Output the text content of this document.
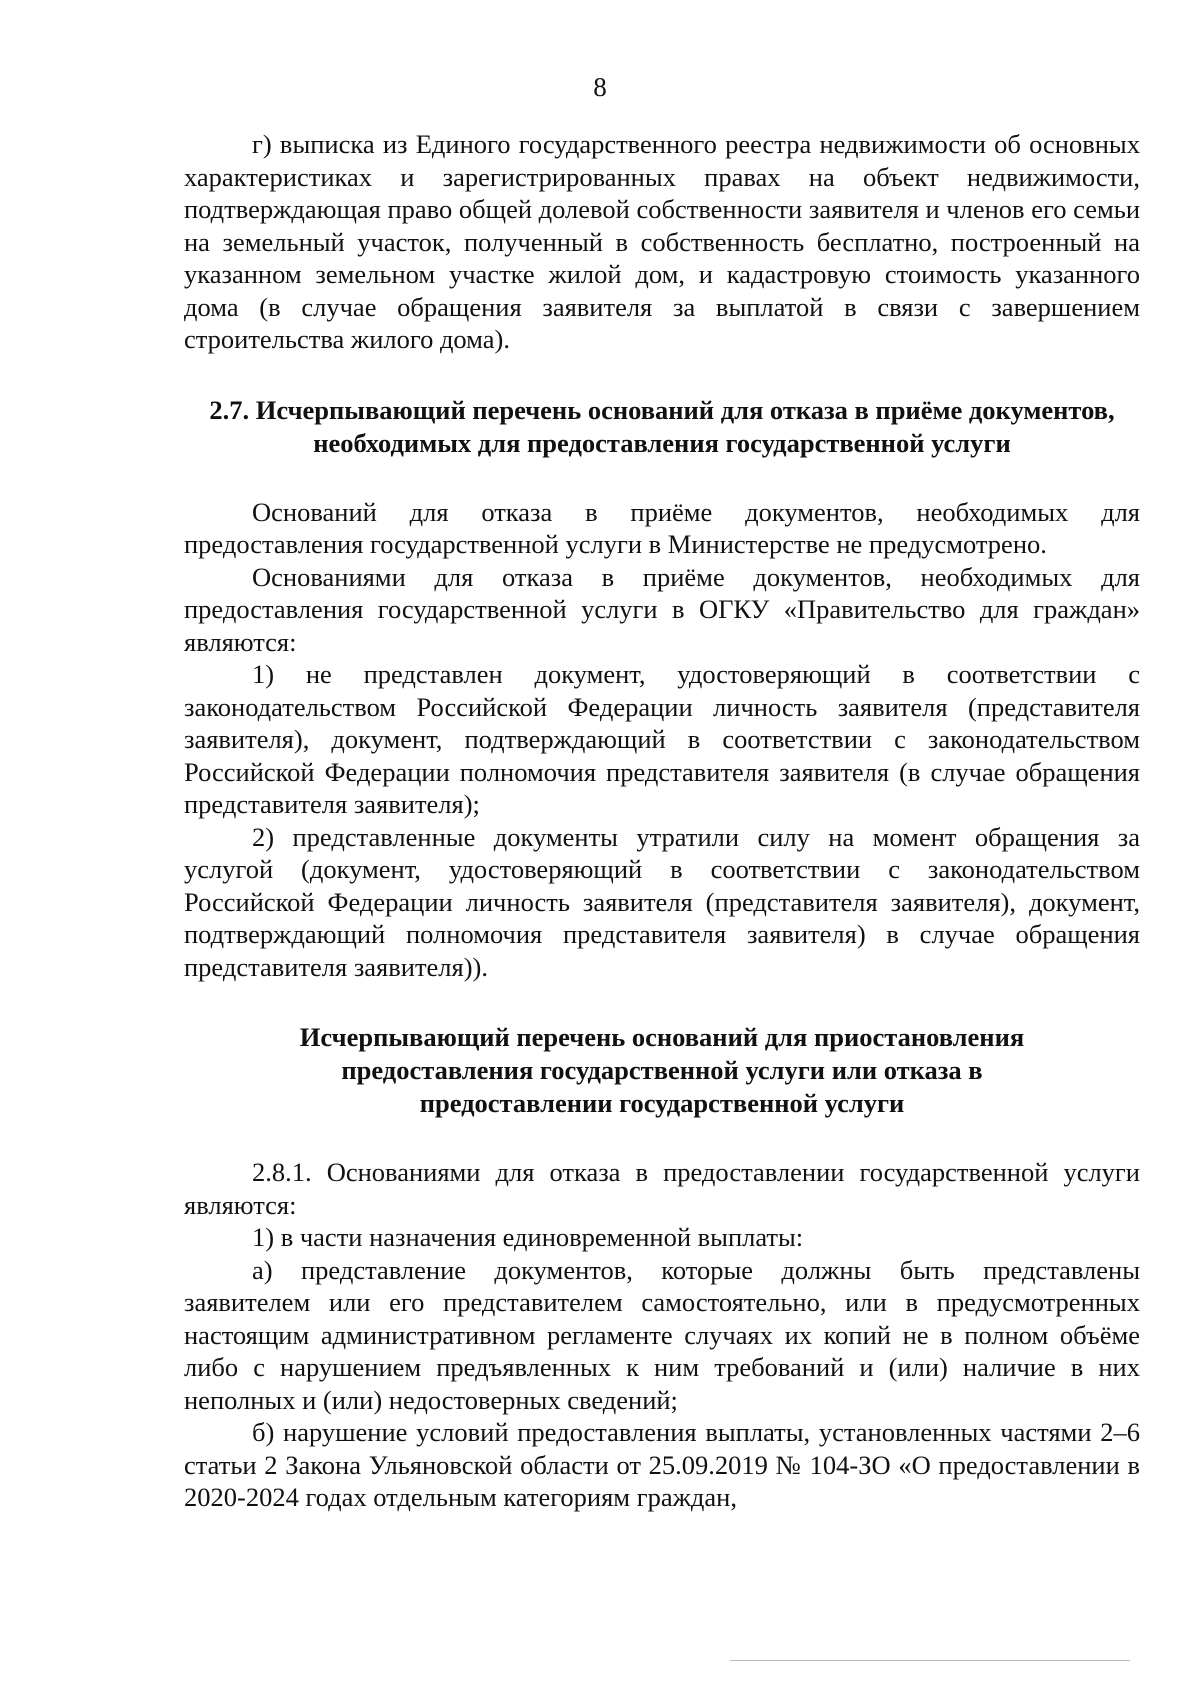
8

г) выписка из Единого государственного реестра недвижимости об основных характеристиках и зарегистрированных правах на объект недвижимости, подтверждающая право общей долевой собственности заявителя и членов его семьи на земельный участок, полученный в собственность бесплатно, построенный на указанном земельном участке жилой дом, и кадастровую стоимость указанного дома (в случае обращения заявителя за выплатой в связи с завершением строительства жилого дома).

2.7. Исчерпывающий перечень оснований для отказа в приёме документов,
необходимых для предоставления государственной услуги

Оснований для отказа в приёме документов, необходимых для предоставления государственной услуги в Министерстве не предусмотрено.

Основаниями для отказа в приёме документов, необходимых для предоставления государственной услуги в ОГКУ «Правительство для граждан» являются:

1) не представлен документ, удостоверяющий в соответствии с законодательством Российской Федерации личность заявителя (представителя заявителя), документ, подтверждающий в соответствии с законодательством Российской Федерации полномочия представителя заявителя (в случае обращения представителя заявителя);

2) представленные документы утратили силу на момент обращения за услугой (документ, удостоверяющий в соответствии с законодательством Российской Федерации личность заявителя (представителя заявителя), документ, подтверждающий полномочия представителя заявителя) в случае обращения представителя заявителя)).

Исчерпывающий перечень оснований для приостановления
предоставления государственной услуги или отказа в
предоставлении государственной услуги

2.8.1. Основаниями для отказа в предоставлении государственной услуги являются:

1) в части назначения единовременной выплаты:

а) представление документов, которые должны быть представлены заявителем или его представителем самостоятельно, или в предусмотренных настоящим административном регламенте случаях их копий не в полном объёме либо с нарушением предъявленных к ним требований и (или) наличие в них неполных и (или) недостоверных сведений;

б) нарушение условий предоставления выплаты, установленных частями 2–6 статьи 2 Закона Ульяновской области от 25.09.2019 № 104-ЗО «О предоставлении в 2020-2024 годах отдельным категориям граждан,
